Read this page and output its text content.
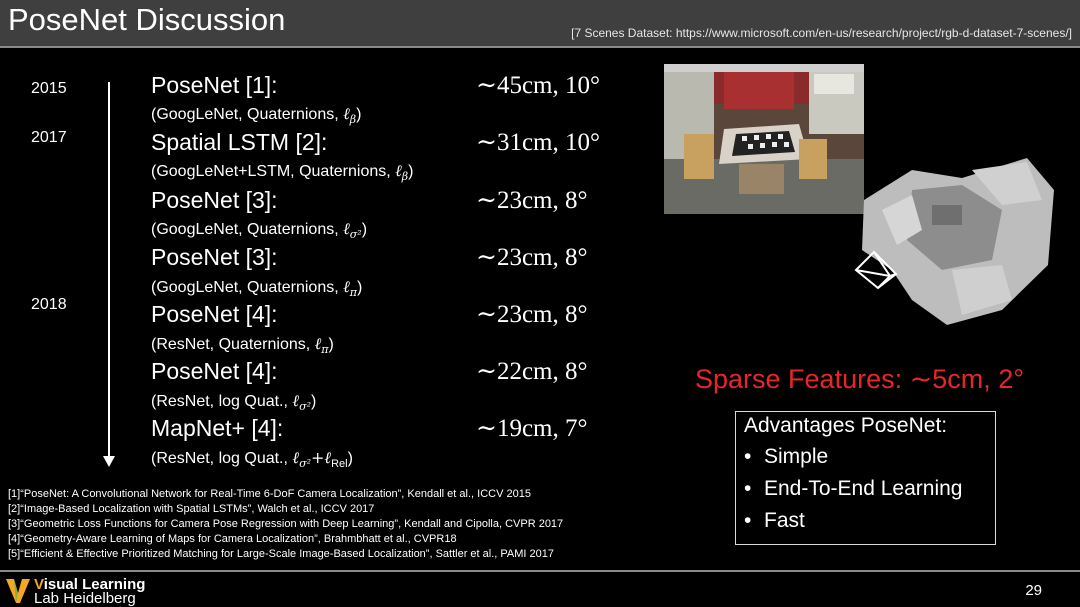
PoseNet Discussion	[7 Scenes Dataset: https://www.microsoft.com/en-us/research/project/rgb-d-dataset-7-scenes/]
2015
2017
2018
PoseNet [1]:
(GoogLeNet, Quaternions, ℓ$_\beta$)
∼45cm, 10°
Spatial LSTM [2]:
(GoogLeNet+LSTM, Quaternions, ℓ$_\beta$)
∼31cm, 10°
PoseNet [3]:
(GoogLeNet, Quaternions, ℓ$_{\sigma^2}$)
∼23cm, 8°
PoseNet [3]:
(GoogLeNet, Quaternions, ℓ$_\pi$)
∼23cm, 8°
PoseNet [4]:
(ResNet, Quaternions, ℓ$_\pi$)
∼23cm, 8°
PoseNet [4]:
(ResNet, log Quat., ℓ$_{\sigma^2}$)
∼22cm, 8°
MapNet+ [4]:
(ResNet, log Quat., ℓ$_{\sigma^2}$+ℓ$_{Rel}$)
∼19cm, 7°
Sparse Features: ∼5cm, 2°
Advantages PoseNet:
• Simple
• End-To-End Learning
• Fast
[1]“PoseNet: A Convolutional Network for Real-Time 6-DoF Camera Localization”, Kendall et al., ICCV 2015
[2]“Image-Based Localization with Spatial LSTMs”, Walch et al., ICCV 2017
[3]“Geometric Loss Functions for Camera Pose Regression with Deep Learning”, Kendall and Cipolla, CVPR 2017
[4]“Geometry-Aware Learning of Maps for Camera Localization”, Brahmbhatt et al., CVPR18
[5]“Efficient & Effective Prioritized Matching for Large-Scale Image-Based Localization”, Sattler et al., PAMI 2017
Visual Learning
Lab Heidelberg	29
